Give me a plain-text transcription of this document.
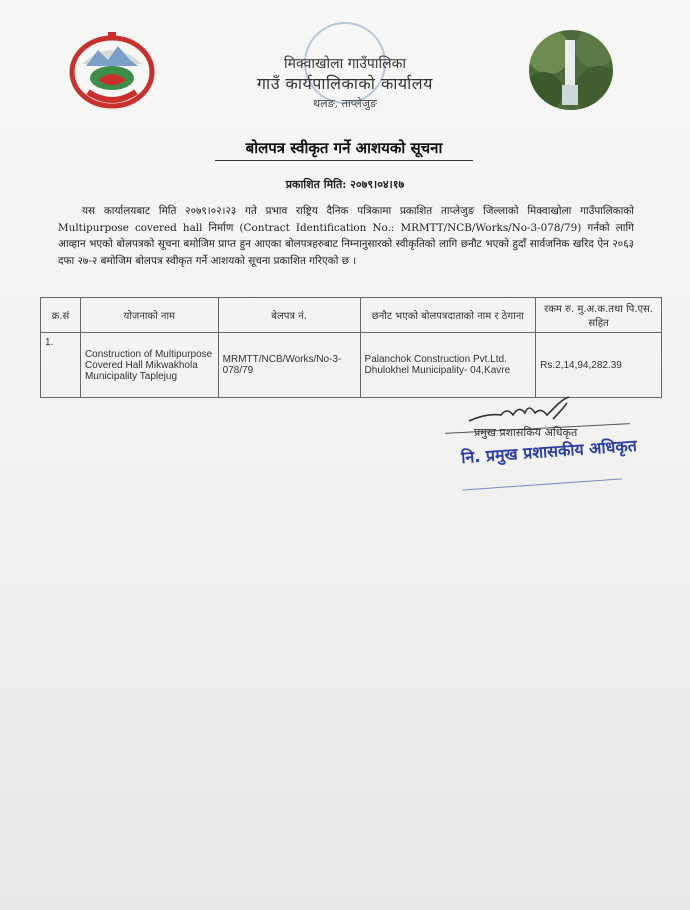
मिक्वाखोला गाउँपालिका
गाउँ कार्यपालिकाको कार्यालय
थलङ, ताप्लेजुङ
बोलपत्र स्वीकृत गर्ने आशयको सूचना
प्रकाशित मिति: २०७९।०४।१७
यस कार्यालयबाट मिति २०७९।०२।२३ गते प्रभाव राष्ट्रिय दैनिक पत्रिकामा प्रकाशित ताप्लेजुङ जिल्लाको मिक्वाखोला गाउँपालिकाको Multipurpose covered hall निर्माण (Contract Identification No.: MRMTT/NCB/Works/No-3-078/79) गर्नको लागि आव्हान भएको बोलपत्रको सूचना बमोजिम प्राप्त हुन आएका बोलपत्रहरुबाट निम्नानुसारको स्वीकृतिको लागि छनौट भएको हुदाँ सार्वजनिक खरिद ऐन २०६३ दफा २७-२ बमोजिम बोलपत्र स्वीकृत गर्ने आशयको सूचना प्रकाशित गरिएको छ ।
क्र.सं	योजनाको नाम	बेलपत्र नं.	छनौट भएको बोलपत्रदाताको नाम र ठेगाना	रकम रु. मु.अ.क.तथा पि.एस. सहित
1.	Construction of Multipurpose Covered Hall Mikwakhola Municipality Taplejug	MRMTT/NCB/Works/No-3-078/79	Palanchok Construction Pvt.Ltd. Dhulokhel Municipality- 04,Kavre	Rs.2,14,94,282.39
प्रमुख प्रशासकिय अधिकृत
नि. प्रमुख प्रशासकीय अधिकृत
